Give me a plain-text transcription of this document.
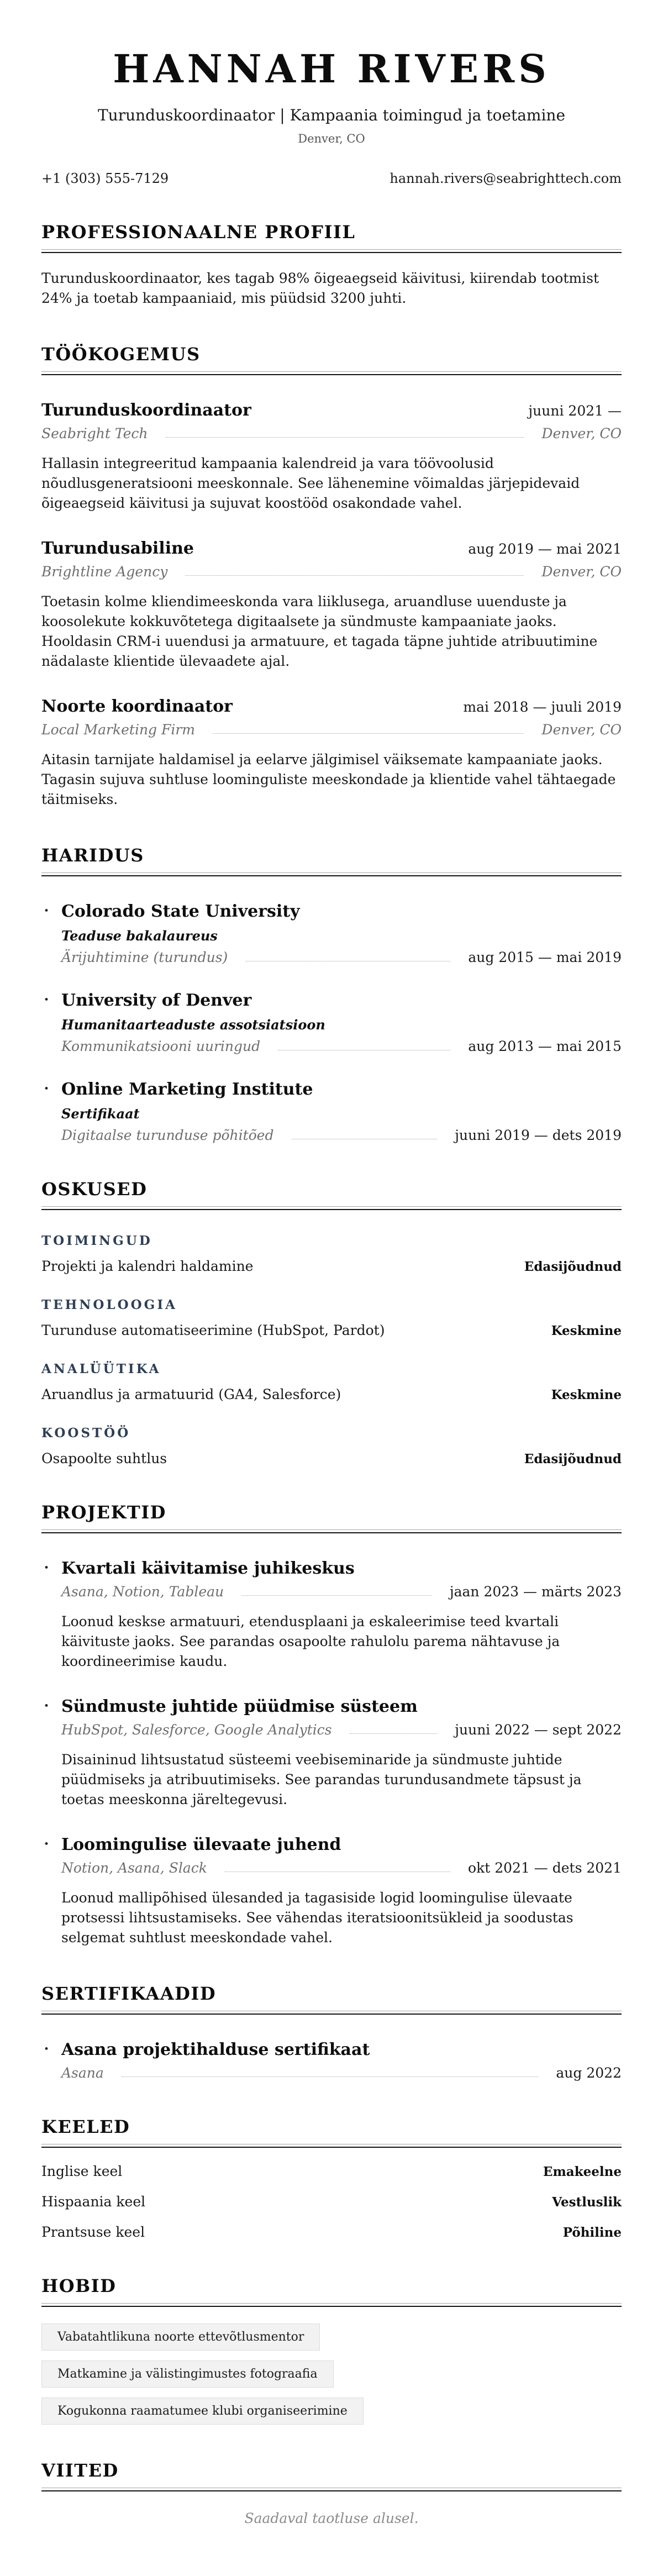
HANNAH RIVERS
Turunduskoordinaator | Kampaania toimingud ja toetamine
Denver, CO
+1 (303) 555-7129	hannah.rivers@seabrighttech.com
PROFESSIONAALNE PROFIIL

Turunduskoordinaator, kes tagab 98% õigeaegseid käivitusi, kiirendab tootmist 24% ja toetab kampaaniaid, mis püüdsid 3200 juhti.

TÖÖKOGEMUS
Turunduskoordinaator	juuni 2021 —
Seabright Tech	Denver, CO

Hallasin integreeritud kampaania kalendreid ja vara töövoolusid nõudlusgeneratsiooni meeskonnale. See lähenemine võimaldas järjepidevaid õigeaegseid käivitusi ja sujuvat koostööd osakondade vahel.

Turundusabiline	aug 2019 — mai 2021
Brightline Agency	Denver, CO

Toetasin kolme kliendimeeskonda vara liiklusega, aruandluse uuenduste ja koosolekute kokkuvõtetega digitaalsete ja sündmuste kampaaniate jaoks. Hooldasin CRM-i uuendusi ja armatuure, et tagada täpne juhtide atribuutimine nädalaste klientide ülevaadete ajal.

Noorte koordinaator	mai 2018 — juuli 2019
Local Marketing Firm	Denver, CO

Aitasin tarnijate haldamisel ja eelarve jälgimisel väiksemate kampaaniate jaoks. Tagasin sujuva suhtluse loominguliste meeskondade ja klientide vahel tähtaegade täitmiseks.

HARIDUS
• Colorado State University
Teaduse bakalaureus
Ärijuhtimine (turundus)	aug 2015 — mai 2019
• University of Denver
Humanitaarteaduste assotsiatsioon
Kommunikatsiooni uuringud	aug 2013 — mai 2015
• Online Marketing Institute
Sertifikaat
Digitaalse turunduse põhitõed	juuni 2019 — dets 2019
OSKUSED
TOIMINGUD
Projekti ja kalendri haldamine	Edasijõudnud
TEHNOLOOGIA
Turunduse automatiseerimine (HubSpot, Pardot)	Keskmine
ANALÜÜTIKA
Aruandlus ja armatuurid (GA4, Salesforce)	Keskmine
KOOSTÖÖ
Osapoolte suhtlus	Edasijõudnud
PROJEKTID
• Kvartali käivitamise juhikeskus
Asana, Notion, Tableau	jaan 2023 — märts 2023

Loonud keskse armatuuri, etendusplaani ja eskaleerimise teed kvartali käivituste jaoks. See parandas osapoolte rahulolu parema nähtavuse ja koordineerimise kaudu.

• Sündmuste juhtide püüdmise süsteem
HubSpot, Salesforce, Google Analytics	juuni 2022 — sept 2022

Disaininud lihtsustatud süsteemi veebiseminaride ja sündmuste juhtide püüdmiseks ja atribuutimiseks. See parandas turundusandmete täpsust ja toetas meeskonna järeltegevusi.

• Loomingulise ülevaate juhend
Notion, Asana, Slack	okt 2021 — dets 2021

Loonud mallipõhised ülesanded ja tagasiside logid loomingulise ülevaate protsessi lihtsustamiseks. See vähendas iteratsioonitsükleid ja soodustas selgemat suhtlust meeskondade vahel.

SERTIFIKAADID
• Asana projektihalduse sertifikaat
Asana	aug 2022
KEELED
Inglise keel	Emakeelne
Hispaania keel	Vestluslik
Prantsuse keel	Põhiline
HOBID
Vabatahtlikuna noorte ettevõtlusmentor
Matkamine ja välistingimustes fotograafia
Kogukonna raamatumee klubi organiseerimine
VIITED
Saadaval taotluse alusel.
